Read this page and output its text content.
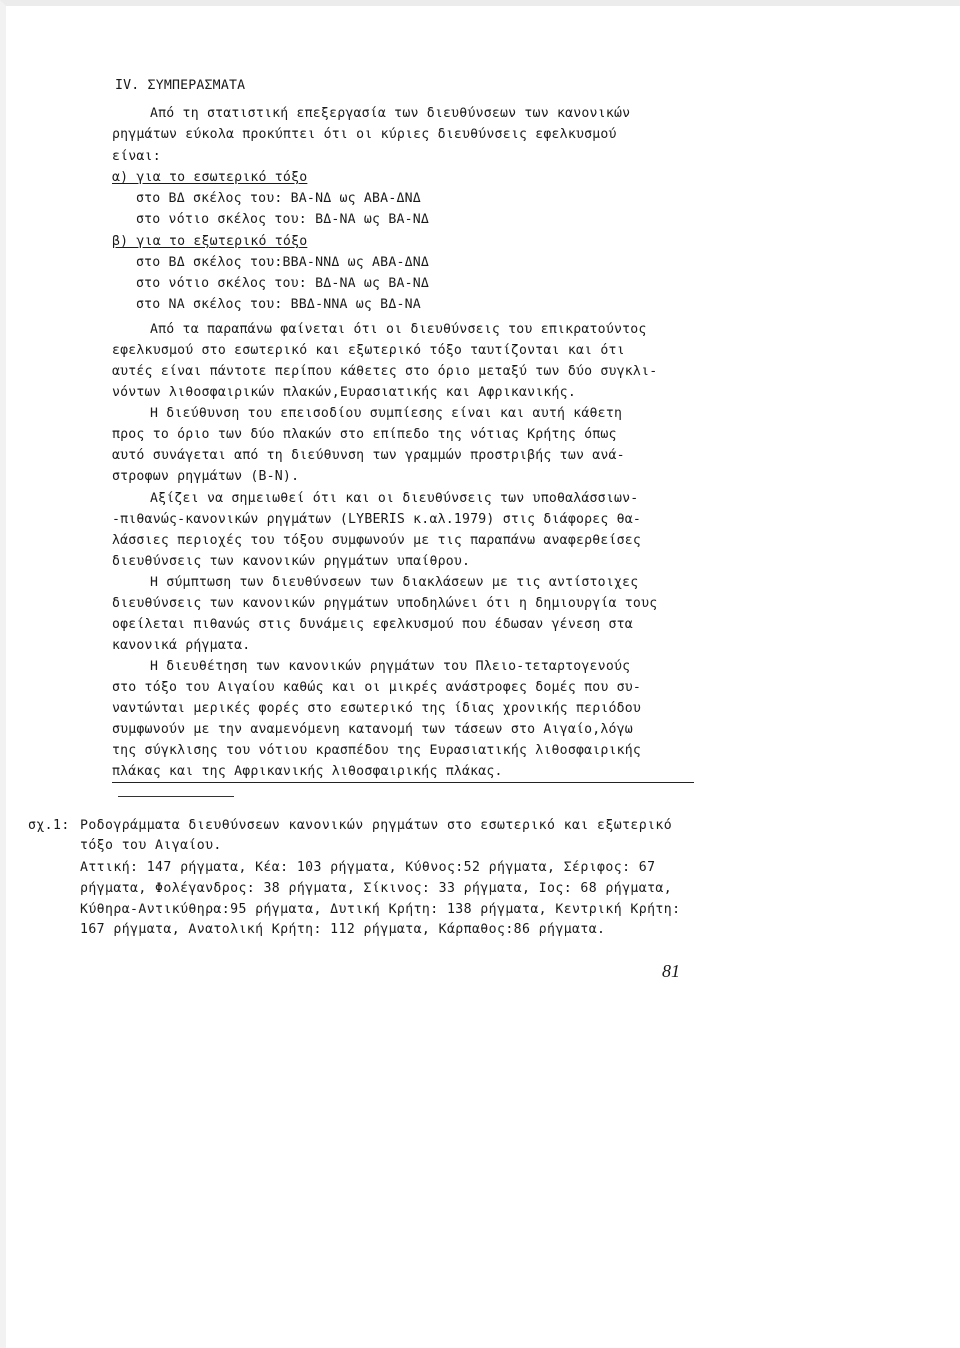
IV. ΣΥΜΠΕΡΑΣΜΑΤΑ
Από τη στατιστική επεξεργασία των διευθύνσεων των κανονικών
ρηγμάτων εύκολα προκύπτει ότι οι κύριες διευθύνσεις εφελκυσμού
είναι:
α) για το εσωτερικό τόξο
στο ΒΔ σκέλος του: ΒΑ-ΝΔ ως ΑΒΑ-ΔΝΔ
στο νότιο σκέλος του: ΒΔ-ΝΑ ως ΒΑ-ΝΔ
β) για το εξωτερικό τόξο
στο ΒΔ σκέλος του:ΒΒΑ-ΝΝΔ ως ΑΒΑ-ΔΝΔ
στο νότιο σκέλος του: ΒΔ-ΝΑ ως ΒΑ-ΝΔ
στο ΝΑ σκέλος του: ΒΒΔ-ΝΝΑ ως ΒΔ-ΝΑ
Από τα παραπάνω φαίνεται ότι οι διευθύνσεις του επικρατούντος
εφελκυσμού στο εσωτερικό και εξωτερικό τόξο ταυτίζονται και ότι
αυτές είναι πάντοτε περίπου κάθετες στο όριο μεταξύ των δύο συγκλι-
νόντων λιθοσφαιρικών πλακών,Ευρασιατικής και Αφρικανικής.
Η διεύθυνση του επεισοδίου συμπίεσης είναι και αυτή κάθετη
προς το όριο των δύο πλακών στο επίπεδο της νότιας Κρήτης όπως
αυτό συνάγεται από τη διεύθυνση των γραμμών προστριβής των ανά-
στροφων ρηγμάτων (B-N).
Αξίζει να σημειωθεί ότι και οι διευθύνσεις των υποθαλάσσιων-
-πιθανώς-κανονικών ρηγμάτων (LYBERIS κ.αλ.1979) στις διάφορες θα-
λάσσιες περιοχές του τόξου συμφωνούν με τις παραπάνω αναφερθείσες
διευθύνσεις των κανονικών ρηγμάτων υπαίθρου.
Η σύμπτωση των διευθύνσεων των διακλάσεων με τις αντίστοιχες
διευθύνσεις των κανονικών ρηγμάτων υποδηλώνει ότι η δημιουργία τους
οφείλεται πιθανώς στις δυνάμεις εφελκυσμού που έδωσαν γένεση στα
κανονικά ρήγματα.
Η διευθέτηση των κανονικών ρηγμάτων του Πλειο-τεταρτογενούς
στο τόξο του Αιγαίου καθώς και οι μικρές ανάστροφες δομές που συ-
ναντώνται μερικές φορές στο εσωτερικό της ίδιας χρονικής περιόδου
συμφωνούν με την αναμενόμενη κατανομή των τάσεων στο Αιγαίο,λόγω
της σύγκλισης του νότιου κρασπέδου της Ευρασιατικής λιθοσφαιρικής
πλάκας και της Αφρικανικής λιθοσφαιρικής πλάκας.
σχ.1: Ροδογράμματα διευθύνσεων κανονικών ρηγμάτων στο εσωτερικό και εξωτερικό
τόξο του Αιγαίου.
Αττική: 147 ρήγματα, Κέα: 103 ρήγματα, Κύθνος:52 ρήγματα, Σέριφος: 67
ρήγματα, Φολέγανδρος: 38 ρήγματα, Σίκινος: 33 ρήγματα, Ιος: 68 ρήγματα,
Κύθηρα-Αντικύθηρα:95 ρήγματα, Δυτική Κρήτη: 138 ρήγματα, Κεντρική Κρήτη:
167 ρήγματα, Ανατολική Κρήτη: 112 ρήγματα, Κάρπαθος:86 ρήγματα.
81
